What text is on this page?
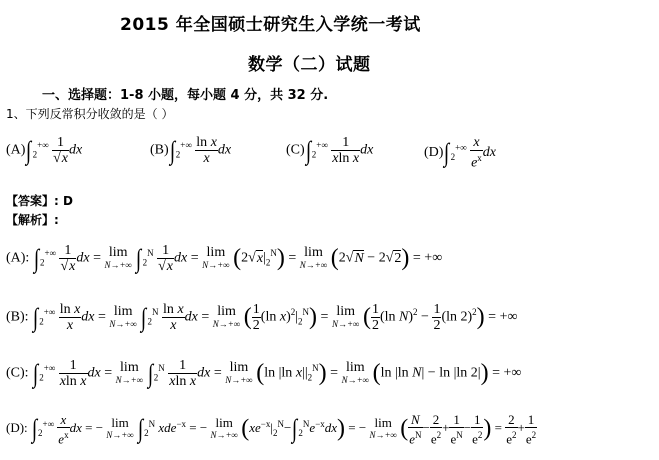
2015 年全国硕士研究生入学统一考试
数学（二）试题
一、选择题：1-8 小题，每小题 4 分，共 32 分.
1、下列反常积分收敛的是（ ）
$(A)\int_2^{+\infty} \frac{1}{√x}$ dx	$(B)\int_2^{+\infty} \frac{\text{ln x}}{x}$ dx	$(C)\int_2^{+\infty} \frac{1}{\text{xln x}}$ dx	$(D)\int_2^{+\infty} \frac{x}{e^x}$ dx
【答案】: D
【解析】:
(A): $\int_2^{+\infty} \frac{1}{√x}$ dx = lim
N→+∞ $\int_2^N \frac{1}{√x}$ dx = lim
N→+∞ $(2√x|_2^N) = \lim$
N→+∞ (2√N − 2√2) = +∞
(B): $\int_2^{+\infty} \frac{\text{ln x}}{x}$ dx = lim
N→+∞ $\int_2^N \frac{\text{ln x}}{x}$ dx = lim
N→+∞ ( $\frac{1}{2} (\ln$ $x)^2|_2^N) = \lim$
N→+∞ ( $\frac{1}{2} (\ln$ $N)^2 - \frac{1}{2} (\ln$ 2)$^2$) = +∞
(C): $\int_2^{+\infty} \frac{1}{\text{xln x}}$ dx = lim
N→+∞ $\int_2^N \frac{1}{\text{xln x}}$ dx = lim
N→+∞ (ln |ln $x||_2^N) = \lim$
N→+∞ (ln |ln N| − ln |ln 2|) = +∞
(D): $\int_2^{+\infty} \frac{x}{e^x}$ dx = − lim
N→+∞ $\int_2^N$ xde$^{-x}$ = − lim
N→+∞ $(xe^{-x}|_2^N-\int_2^Ne^{-x}dx)$ = − lim
N→+∞ ( $\frac{N}{e^N} - \frac{2}{e^2} + \frac{1}{e^N} - \frac{1}{e^2}$ ) = $\frac{2}{e^2} + \frac{1}{e^2}$
